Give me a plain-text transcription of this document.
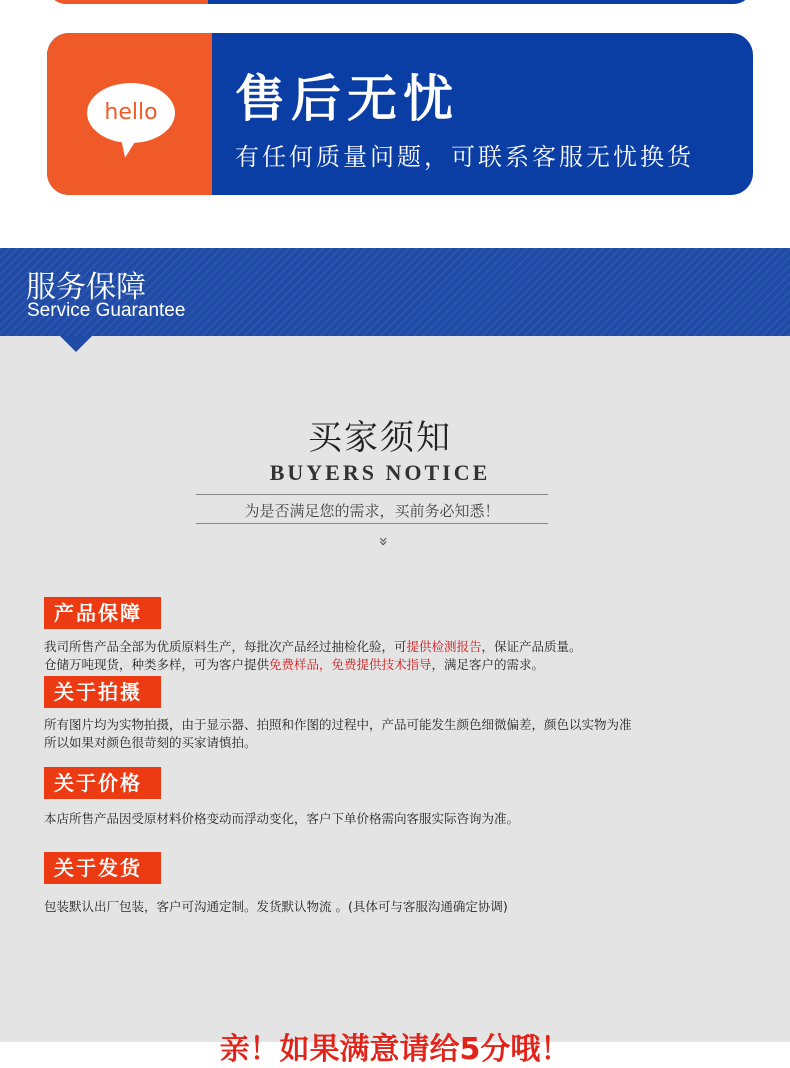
hello	售后无忧
有任何质量问题，可联系客服无忧换货
服务保障
Service Guarantee
买家须知
BUYERS NOTICE
为是否满足您的需求，买前务必知悉！
»
产品保障
我司所售产品全部为优质原料生产，每批次产品经过抽检化验，可提供检测报告，保证产品质量。
仓储万吨现货，种类多样，可为客户提供免费样品，免费提供技术指导，满足客户的需求。
关于拍摄
所有图片均为实物拍摄，由于显示器、拍照和作图的过程中，产品可能发生颜色细微偏差，颜色以实物为准
所以如果对颜色很苛刻的买家请慎拍。
关于价格
本店所售产品因受原材料价格变动而浮动变化，客户下单价格需向客服实际咨询为准。
关于发货
包装默认出厂包装，客户可沟通定制。发货默认物流 。(具体可与客服沟通确定协调)
亲！如果满意请给5分哦！
